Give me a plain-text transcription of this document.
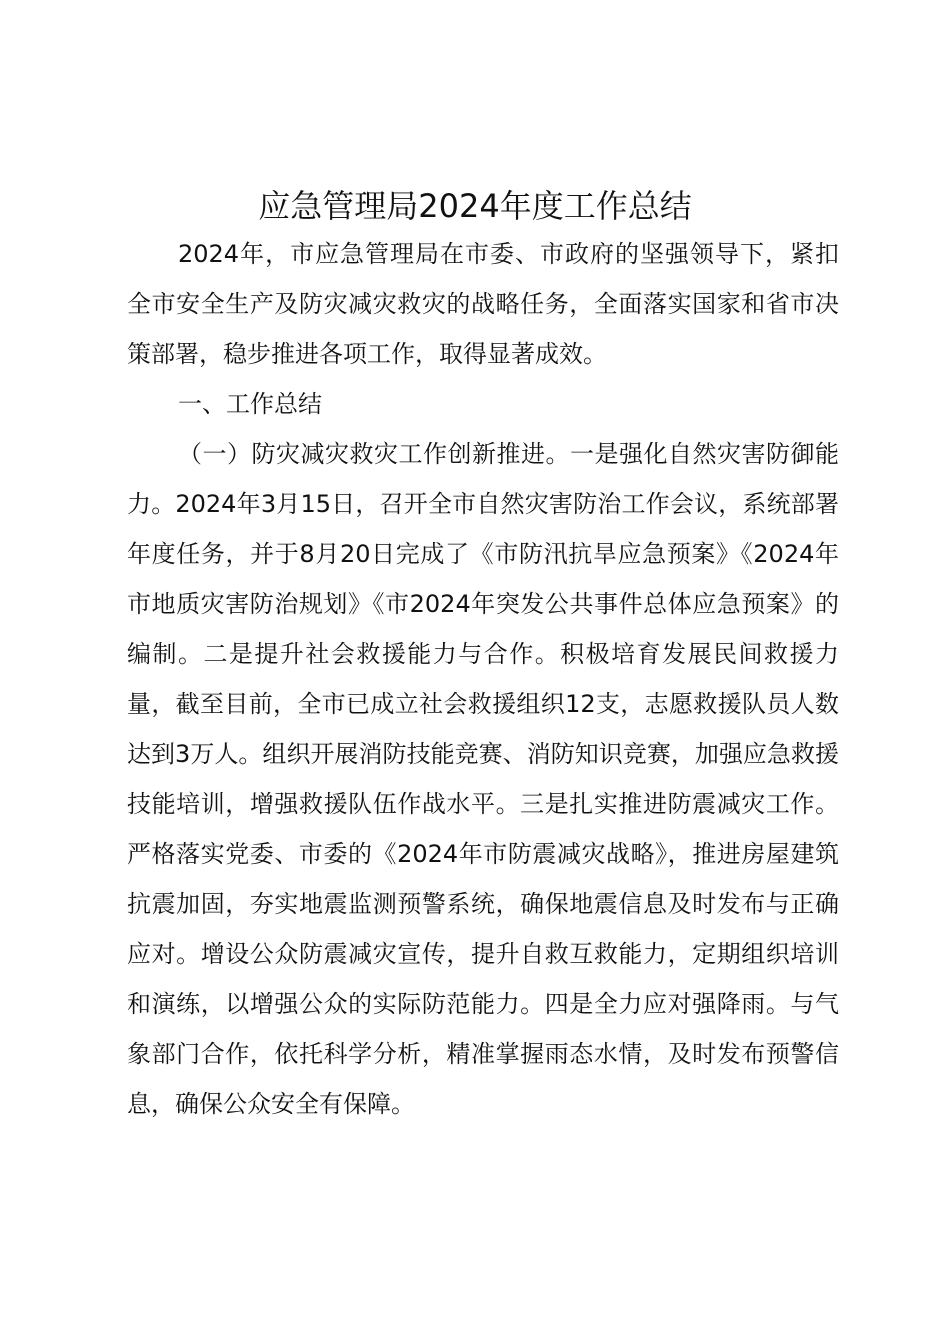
应急管理局2024年度工作总结

2024年，市应急管理局在市委、市政府的坚强领导下，紧扣全市安全生产及防灾减灾救灾的战略任务，全面落实国家和省市决策部署，稳步推进各项工作，取得显著成效。

一、工作总结

（一）防灾减灾救灾工作创新推进。一是强化自然灾害防御能力。2024年3月15日，召开全市自然灾害防治工作会议，系统部署年度任务，并于8月20日完成了《市防汛抗旱应急预案》《2024年市地质灾害防治规划》《市2024年突发公共事件总体应急预案》的编制。二是提升社会救援能力与合作。积极培育发展民间救援力量，截至目前，全市已成立社会救援组织12支，志愿救援队员人数达到3万人。组织开展消防技能竞赛、消防知识竞赛，加强应急救援技能培训，增强救援队伍作战水平。三是扎实推进防震减灾工作。严格落实党委、市委的《2024年市防震减灾战略》，推进房屋建筑抗震加固，夯实地震监测预警系统，确保地震信息及时发布与正确应对。增设公众防震减灾宣传，提升自救互救能力，定期组织培训和演练，以增强公众的实际防范能力。四是全力应对强降雨。与气象部门合作，依托科学分析，精准掌握雨态水情，及时发布预警信息，确保公众安全有保障。
